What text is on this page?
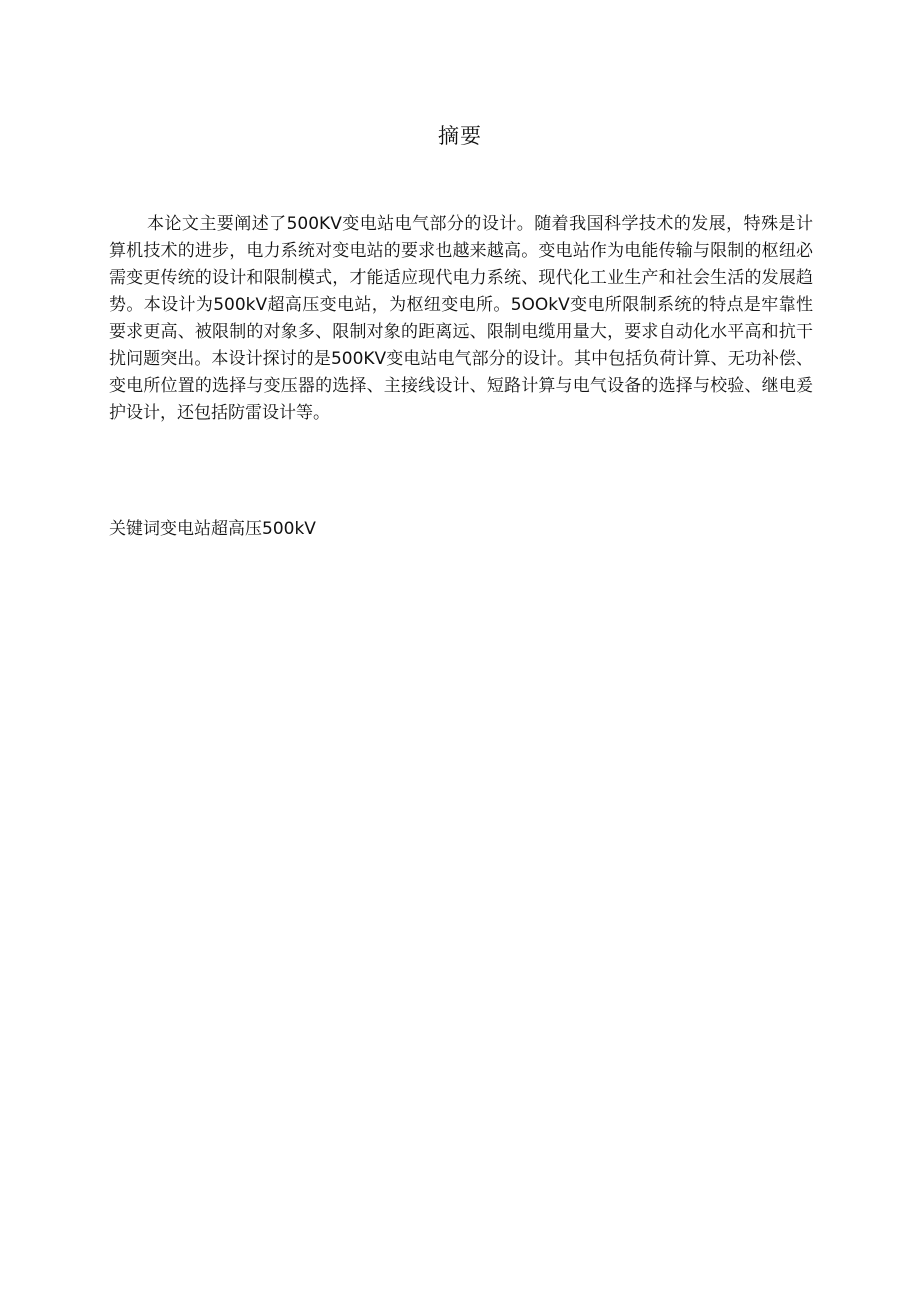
摘要

本论文主要阐述了500KV变电站电气部分的设计。随着我国科学技术的发展，特殊是计算机技术的进步，电力系统对变电站的要求也越来越高。变电站作为电能传输与限制的枢纽必需变更传统的设计和限制模式，才能适应现代电力系统、现代化工业生产和社会生活的发展趋势。本设计为500kV超高压变电站，为枢纽变电所。5OOkV变电所限制系统的特点是牢靠性要求更高、被限制的对象多、限制对象的距离远、限制电缆用量大，要求自动化水平高和抗干扰问题突出。本设计探讨的是500KV变电站电气部分的设计。其中包括负荷计算、无功补偿、变电所位置的选择与变压器的选择、主接线设计、短路计算与电气设备的选择与校验、继电爰护设计，还包括防雷设计等。

关键词变电站超高压500kV
